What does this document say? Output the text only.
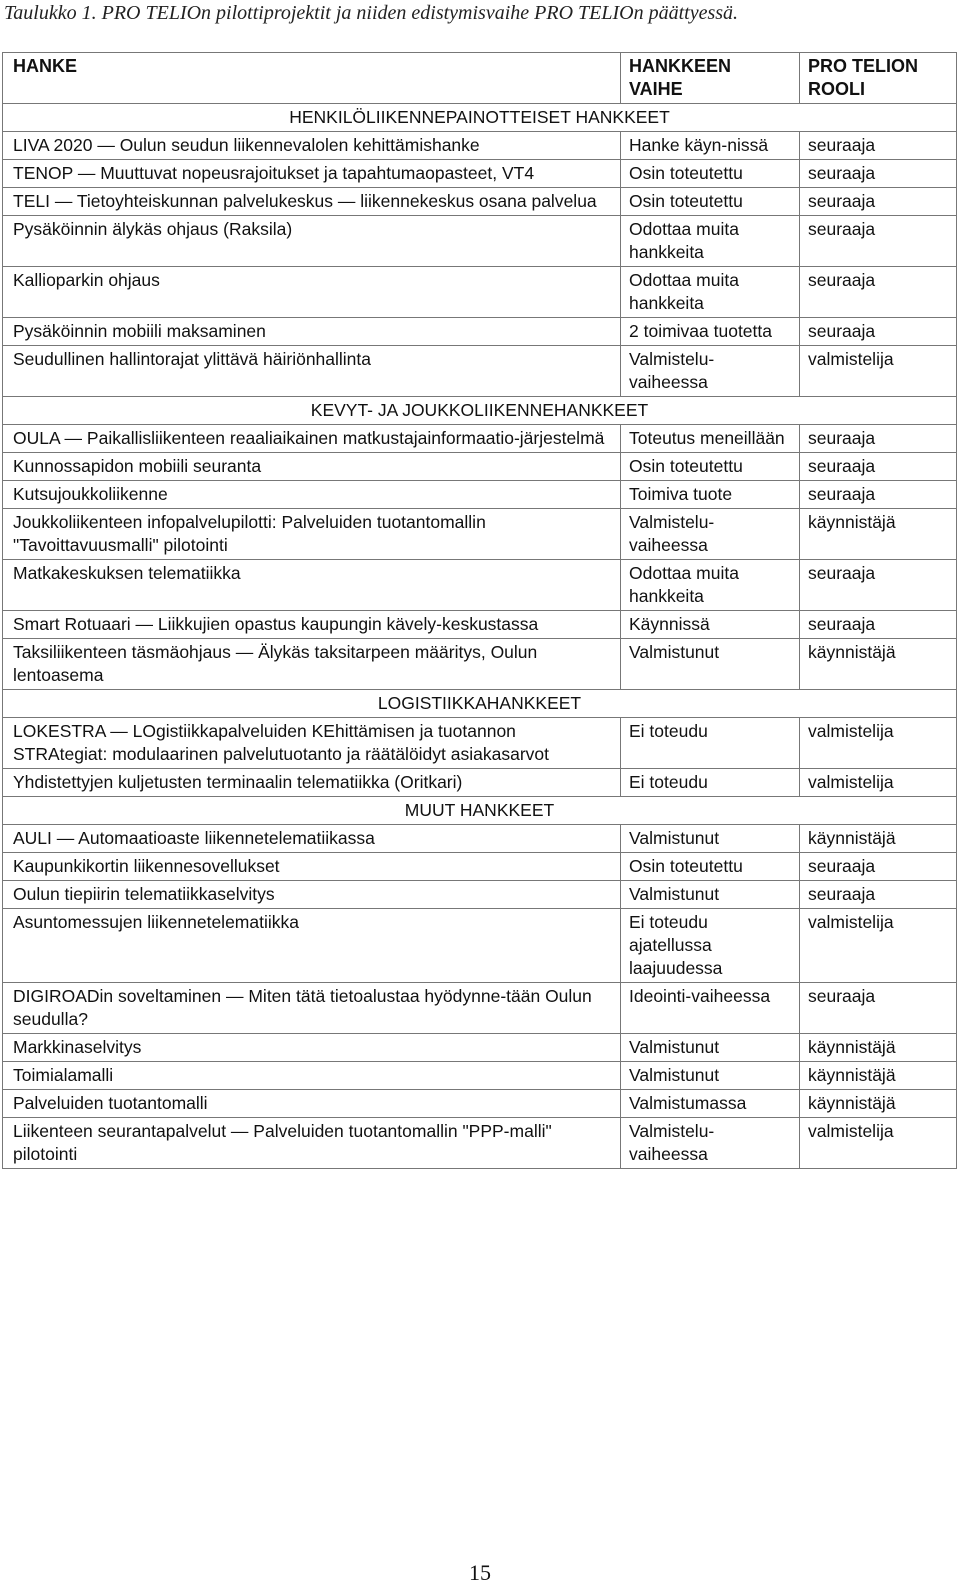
Taulukko 1. PRO TELIOn pilottiprojektit ja niiden edistymisvaihe PRO TELIOn päättyessä.
HANKE	HANKKEEN VAIHE	PRO TELION ROOLI
HENKILÖLIIKENNEPAINOTTEISET HANKKEET		
LIVA 2020 — Oulun seudun liikennevalolen kehittämishanke	Hanke käyn-nissä	seuraaja
TENOP — Muuttuvat nopeusrajoitukset ja tapahtumaopasteet, VT4	Osin toteutettu	seuraaja
TELI — Tietoyhteiskunnan palvelukeskus — liikennekeskus osana palvelua	Osin toteutettu	seuraaja
Pysäköinnin älykäs ohjaus (Raksila)	Odottaa muita hankkeita	seuraaja
Kallioparkin ohjaus	Odottaa muita hankkeita	seuraaja
Pysäköinnin mobiili maksaminen	2 toimivaa tuotetta	seuraaja
Seudullinen hallintorajat ylittävä häiriönhallinta	Valmistelu-vaiheessa	valmistelija
KEVYT- JA JOUKKOLIIKENNEHANKKEET		
OULA — Paikallisliikenteen reaaliaikainen matkustajainformaatio-järjestelmä	Toteutus meneillään	seuraaja
Kunnossapidon mobiili seuranta	Osin toteutettu	seuraaja
Kutsujoukkoliikenne	Toimiva tuote	seuraaja
Joukkoliikenteen infopalvelupilotti: Palveluiden tuotantomallin "Tavoittavuusmalli" pilotointi	Valmistelu-vaiheessa	käynnistäjä
Matkakeskuksen telematiikka	Odottaa muita hankkeita	seuraaja
Smart Rotuaari — Liikkujien opastus kaupungin kävely-keskustassa	Käynnissä	seuraaja
Taksiliikenteen täsmäohjaus — Älykäs taksitarpeen määritys, Oulun lentoasema	Valmistunut	käynnistäjä
LOGISTIIKKAHANKKEET		
LOKESTRA — LOgistiikkapalveluiden KEhittämisen ja tuotannon STRAtegiat: modulaarinen palvelutuotanto ja räätälöidyt asiakasarvot	Ei toteudu	valmistelija
Yhdistettyjen kuljetusten terminaalin telematiikka (Oritkari)	Ei toteudu	valmistelija
MUUT HANKKEET		
AULI — Automaatioaste liikennetelematiikassa	Valmistunut	käynnistäjä
Kaupunkikortin liikennesovellukset	Osin toteutettu	seuraaja
Oulun tiepiirin telematiikkaselvitys	Valmistunut	seuraaja
Asuntomessujen liikennetelematiikka	Ei toteudu ajatellussa laajuudessa	valmistelija
DIGIROADin soveltaminen — Miten tätä tietoalustaa hyödynne-tään Oulun seudulla?	Ideointi-vaiheessa	seuraaja
Markkinaselvitys	Valmistunut	käynnistäjä
Toimialamalli	Valmistunut	käynnistäjä
Palveluiden tuotantomalli	Valmistumassa	käynnistäjä
Liikenteen seurantapalvelut — Palveluiden tuotantomallin "PPP-malli" pilotointi	Valmistelu-vaiheessa	valmistelija
15
